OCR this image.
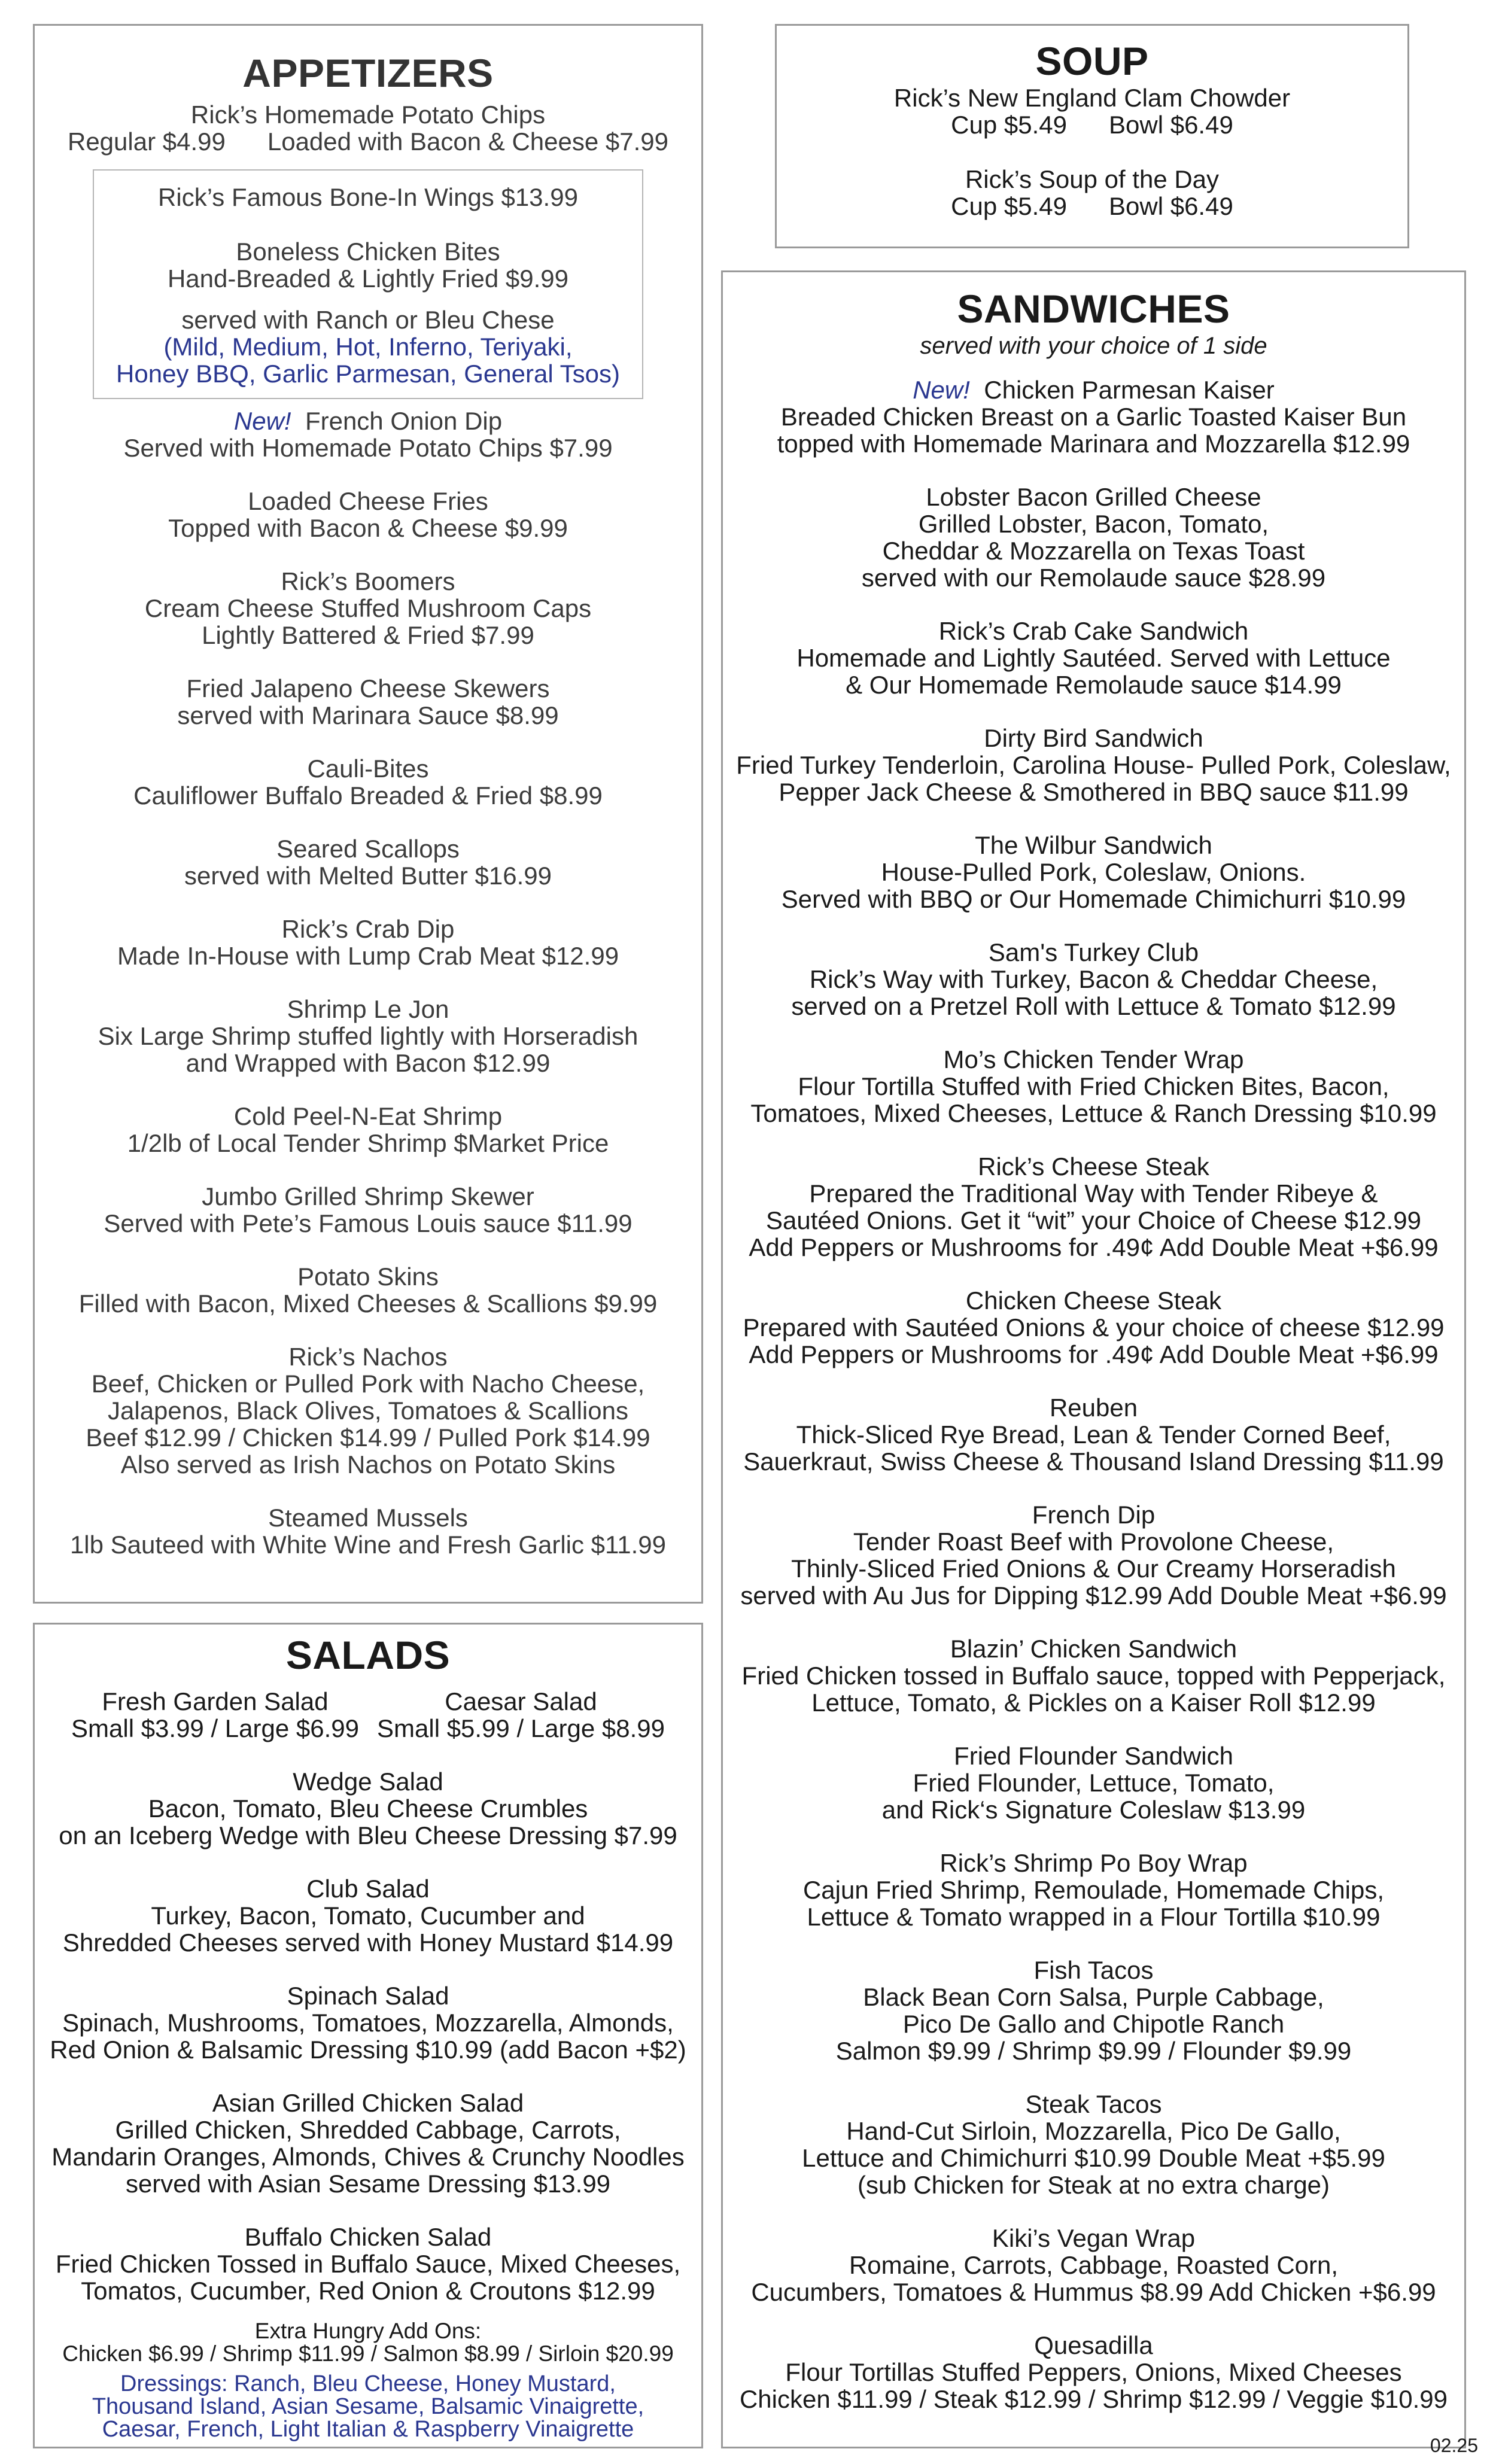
APPETIZERS
Rick’s Homemade Potato Chips
Regular $4.99 Loaded with Bacon & Cheese $7.99
Rick’s Famous Bone-In Wings $13.99
Boneless Chicken Bites
Hand-Breaded & Lightly Fried $9.99
served with Ranch or Bleu Chese
(Mild, Medium, Hot, Inferno, Teriyaki,
Honey BBQ, Garlic Parmesan, General Tsos)
New! French Onion Dip
Served with Homemade Potato Chips $7.99
Loaded Cheese Fries
Topped with Bacon & Cheese $9.99
Rick’s Boomers
Cream Cheese Stuffed Mushroom Caps
Lightly Battered & Fried $7.99
Fried Jalapeno Cheese Skewers
served with Marinara Sauce $8.99
Cauli-Bites
Cauliflower Buffalo Breaded & Fried $8.99
Seared Scallops
served with Melted Butter $16.99
Rick’s Crab Dip
Made In-House with Lump Crab Meat $12.99
Shrimp Le Jon
Six Large Shrimp stuffed lightly with Horseradish
and Wrapped with Bacon $12.99
Cold Peel-N-Eat Shrimp
1/2lb of Local Tender Shrimp $Market Price
Jumbo Grilled Shrimp Skewer
Served with Pete’s Famous Louis sauce $11.99
Potato Skins
Filled with Bacon, Mixed Cheeses & Scallions $9.99
Rick’s Nachos
Beef, Chicken or Pulled Pork with Nacho Cheese,
Jalapenos, Black Olives, Tomatoes & Scallions
Beef $12.99 / Chicken $14.99 / Pulled Pork $14.99
Also served as Irish Nachos on Potato Skins
Steamed Mussels
1lb Sauteed with White Wine and Fresh Garlic $11.99
SALADS
Fresh Garden Salad
Small $3.99 / Large $6.99
Caesar Salad
Small $5.99 / Large $8.99
Wedge Salad
Bacon, Tomato, Bleu Cheese Crumbles
on an Iceberg Wedge with Bleu Cheese Dressing $7.99
Club Salad
Turkey, Bacon, Tomato, Cucumber and
Shredded Cheeses served with Honey Mustard $14.99
Spinach Salad
Spinach, Mushrooms, Tomatoes, Mozzarella, Almonds,
Red Onion & Balsamic Dressing $10.99 (add Bacon +$2)
Asian Grilled Chicken Salad
Grilled Chicken, Shredded Cabbage, Carrots,
Mandarin Oranges, Almonds, Chives & Crunchy Noodles
served with Asian Sesame Dressing $13.99
Buffalo Chicken Salad
Fried Chicken Tossed in Buffalo Sauce, Mixed Cheeses,
Tomatos, Cucumber, Red Onion & Croutons $12.99
Extra Hungry Add Ons:
Chicken $6.99 / Shrimp $11.99 / Salmon $8.99 / Sirloin $20.99
Dressings: Ranch, Bleu Cheese, Honey Mustard,
Thousand Island, Asian Sesame, Balsamic Vinaigrette,
Caesar, French, Light Italian & Raspberry Vinaigrette
SOUP
Rick’s New England Clam Chowder
Cup $5.49 Bowl $6.49
Rick’s Soup of the Day
Cup $5.49 Bowl $6.49
SANDWICHES
served with your choice of 1 side
New! Chicken Parmesan Kaiser
Breaded Chicken Breast on a Garlic Toasted Kaiser Bun
topped with Homemade Marinara and Mozzarella $12.99
Lobster Bacon Grilled Cheese
Grilled Lobster, Bacon, Tomato,
Cheddar & Mozzarella on Texas Toast
served with our Remolaude sauce $28.99
Rick’s Crab Cake Sandwich
Homemade and Lightly Sautéed. Served with Lettuce
& Our Homemade Remolaude sauce $14.99
Dirty Bird Sandwich
Fried Turkey Tenderloin, Carolina House- Pulled Pork, Coleslaw,
Pepper Jack Cheese & Smothered in BBQ sauce $11.99
The Wilbur Sandwich
House-Pulled Pork, Coleslaw, Onions.
Served with BBQ or Our Homemade Chimichurri $10.99
Sam's Turkey Club
Rick’s Way with Turkey, Bacon & Cheddar Cheese,
served on a Pretzel Roll with Lettuce & Tomato $12.99
Mo’s Chicken Tender Wrap
Flour Tortilla Stuffed with Fried Chicken Bites, Bacon,
Tomatoes, Mixed Cheeses, Lettuce & Ranch Dressing $10.99
Rick’s Cheese Steak
Prepared the Traditional Way with Tender Ribeye &
Sautéed Onions. Get it “wit” your Choice of Cheese $12.99
Add Peppers or Mushrooms for .49¢ Add Double Meat +$6.99
Chicken Cheese Steak
Prepared with Sautéed Onions & your choice of cheese $12.99
Add Peppers or Mushrooms for .49¢ Add Double Meat +$6.99
Reuben
Thick-Sliced Rye Bread, Lean & Tender Corned Beef,
Sauerkraut, Swiss Cheese & Thousand Island Dressing $11.99
French Dip
Tender Roast Beef with Provolone Cheese,
Thinly-Sliced Fried Onions & Our Creamy Horseradish
served with Au Jus for Dipping $12.99 Add Double Meat +$6.99
Blazin’ Chicken Sandwich
Fried Chicken tossed in Buffalo sauce, topped with Pepperjack,
Lettuce, Tomato, & Pickles on a Kaiser Roll $12.99
Fried Flounder Sandwich
Fried Flounder, Lettuce, Tomato,
and Rick‘s Signature Coleslaw $13.99
Rick’s Shrimp Po Boy Wrap
Cajun Fried Shrimp, Remoulade, Homemade Chips,
Lettuce & Tomato wrapped in a Flour Tortilla $10.99
Fish Tacos
Black Bean Corn Salsa, Purple Cabbage,
Pico De Gallo and Chipotle Ranch
Salmon $9.99 / Shrimp $9.99 / Flounder $9.99
Steak Tacos
Hand-Cut Sirloin, Mozzarella, Pico De Gallo,
Lettuce and Chimichurri $10.99 Double Meat +$5.99
(sub Chicken for Steak at no extra charge)
Kiki’s Vegan Wrap
Romaine, Carrots, Cabbage, Roasted Corn,
Cucumbers, Tomatoes & Hummus $8.99 Add Chicken +$6.99
Quesadilla
Flour Tortillas Stuffed Peppers, Onions, Mixed Cheeses
Chicken $11.99 / Steak $12.99 / Shrimp $12.99 / Veggie $10.99
02.25
